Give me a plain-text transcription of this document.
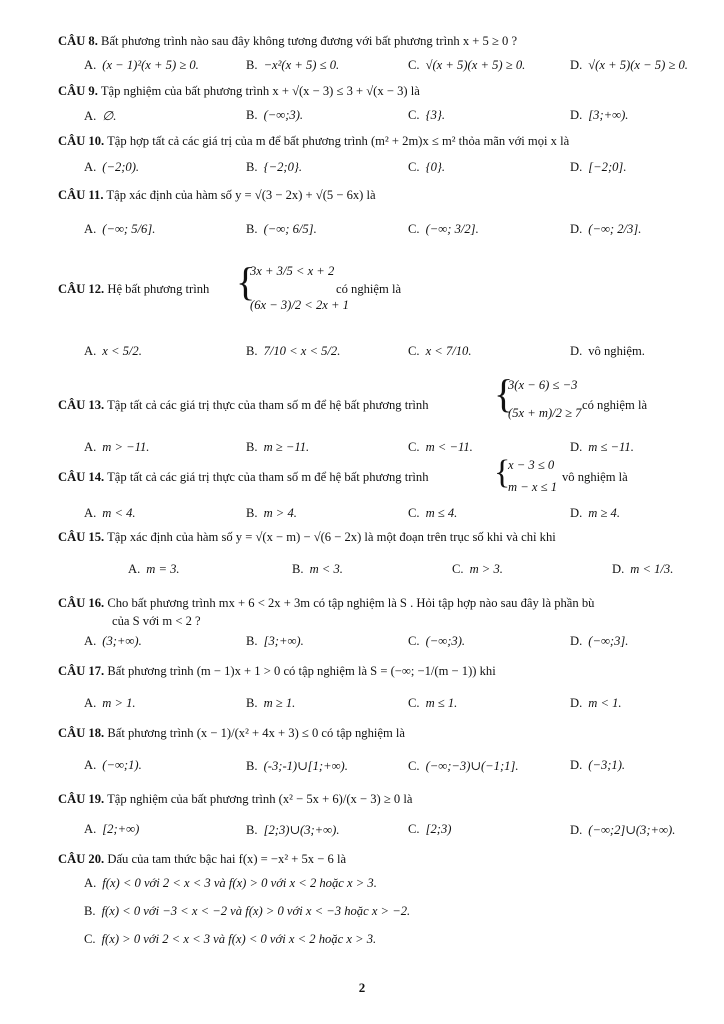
CÂU 8. Bất phương trình nào sau đây không tương đương với bất phương trình x + 5 ≥ 0 ?
A. (x − 1)²(x + 5) ≥ 0.	B. −x²(x + 5) ≤ 0.	C. √(x + 5)(x + 5) ≥ 0.	D. √(x + 5)(x − 5) ≥ 0.
CÂU 9. Tập nghiệm của bất phương trình x + √(x − 3) ≤ 3 + √(x − 3) là
A. ∅.	B. (−∞;3).	C. {3}.	D. [3;+∞).
CÂU 10. Tập hợp tất cả các giá trị của m để bất phương trình (m² + 2m)x ≤ m² thỏa mãn với mọi x là
A. (−2;0).	B. {−2;0}.	C. {0}.	D. [−2;0].
CÂU 11. Tập xác định của hàm số y = √(3 − 2x) + √(5 − 6x) là
A. (−∞; 5/6].	B. (−∞; 6/5].	C. (−∞; 3/2].	D. (−∞; 2/3].
CÂU 12. Hệ bất phương trình {
3x + 3/5 < x + 2
(6x − 3)/2 < 2x + 1
có nghiệm là
A. x < 5/2.	B. 7/10 < x < 5/2.	C. x < 7/10.	D. vô nghiệm.
CÂU 13. Tập tất cả các giá trị thực của tham số m để hệ bất phương trình	{
3(x − 6) ≤ −3
(5x + m)/2 ≥ 7
có nghiệm là
A. m > −11.	B. m ≥ −11.	C. m < −11.	D. m ≤ −11.
CÂU 14. Tập tất cả các giá trị thực của tham số m để hệ bất phương trình	{
x − 3 ≤ 0
m − x ≤ 1
vô nghiệm là
A. m < 4.	B. m > 4.	C. m ≤ 4.	D. m ≥ 4.
CÂU 15. Tập xác định của hàm số y = √(x − m) − √(6 − 2x) là một đoạn trên trục số khi và chỉ khi
A. m = 3.	B. m < 3.	C. m > 3.	D. m < 1/3.
CÂU 16. Cho bất phương trình mx + 6 < 2x + 3m có tập nghiệm là S . Hỏi tập hợp nào sau đây là phần bù
của S với m < 2 ?
A. (3;+∞).	B. [3;+∞).	C. (−∞;3).	D. (−∞;3].
CÂU 17. Bất phương trình (m − 1)x + 1 > 0 có tập nghiệm là S = (−∞; −1/(m − 1)) khi
A. m > 1.	B. m ≥ 1.	C. m ≤ 1.	D. m < 1.
CÂU 18. Bất phương trình (x − 1)/(x² + 4x + 3) ≤ 0 có tập nghiệm là
A. (−∞;1).	B. (-3;-1)∪[1;+∞).	C. (−∞;−3)∪(−1;1].	D. (−3;1).
CÂU 19. Tập nghiệm của bất phương trình (x² − 5x + 6)/(x − 3) ≥ 0 là
A. [2;+∞)	B. [2;3)∪(3;+∞).	C. [2;3)	D. (−∞;2]∪(3;+∞).
CÂU 20. Dấu của tam thức bậc hai f(x) = −x² + 5x − 6 là
A. f(x) < 0 với 2 < x < 3 và f(x) > 0 với x < 2 hoặc x > 3.
B. f(x) < 0 với −3 < x < −2 và f(x) > 0 với x < −3 hoặc x > −2.
C. f(x) > 0 với 2 < x < 3 và f(x) < 0 với x < 2 hoặc x > 3.
2
